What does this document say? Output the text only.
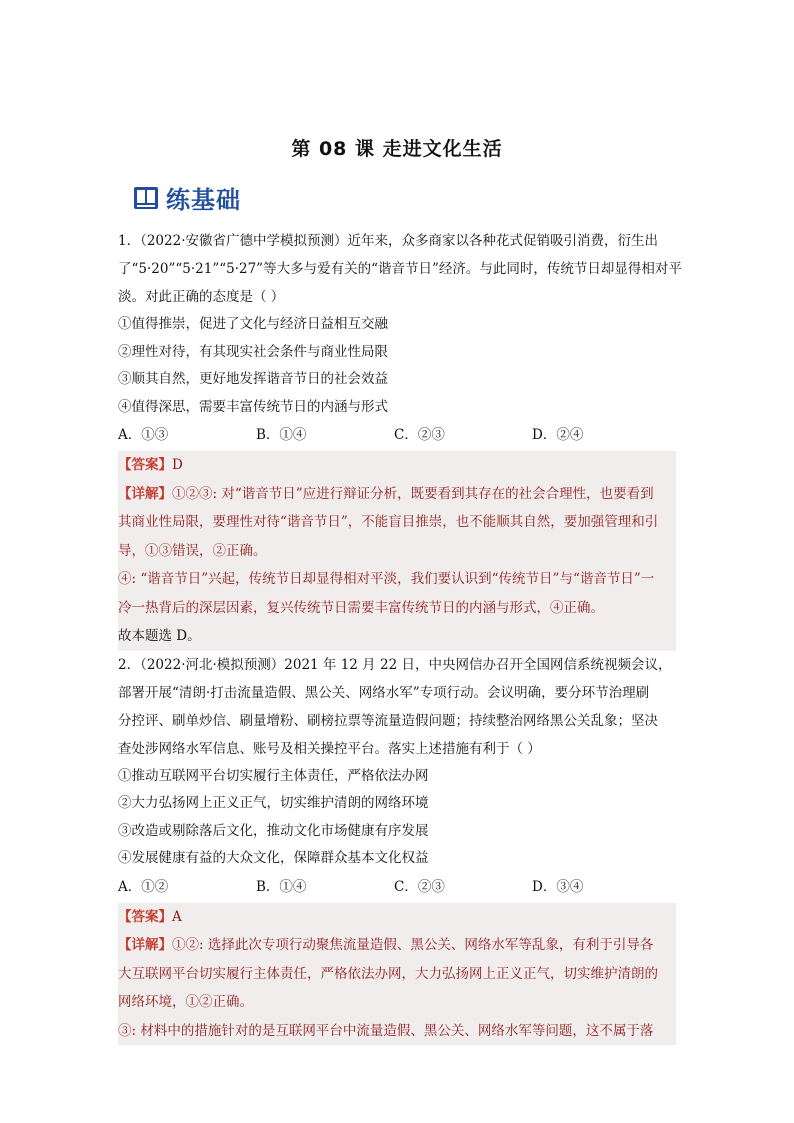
第 08 课 走进文化生活
练基础

1．（2022·安徽省广德中学模拟预测）近年来，众多商家以各种花式促销吸引消费，衍生出

了“5·20”“5·21”“5·27”等大多与爱有关的“谐音节日”经济。与此同时，传统节日却显得相对平

淡。对此正确的态度是（ ）

①值得推崇，促进了文化与经济日益相互交融

②理性对待，有其现实社会条件与商业性局限

③顺其自然，更好地发挥谐音节日的社会效益

④值得深思，需要丰富传统节日的内涵与形式

A．①③	B．①④	C．②③	D．②④

【答案】D

【详解】①②③: 对“谐音节日”应进行辩证分析，既要看到其存在的社会合理性，也要看到

其商业性局限，要理性对待“谐音节日”，不能盲目推崇，也不能顺其自然，要加强管理和引

导，①③错误，②正确。

④: “谐音节日”兴起，传统节日却显得相对平淡，我们要认识到“传统节日”与“谐音节日”一

冷一热背后的深层因素，复兴传统节日需要丰富传统节日的内涵与形式，④正确。

故本题选 D。

2．（2022·河北·模拟预测）2021 年 12 月 22 日，中央网信办召开全国网信系统视频会议，

部署开展“清朗·打击流量造假、黑公关、网络水军”专项行动。会议明确，要分环节治理刷

分控评、刷单炒信、刷量增粉、刷榜拉票等流量造假问题；持续整治网络黑公关乱象；坚决

查处涉网络水军信息、账号及相关操控平台。落实上述措施有利于（ ）

①推动互联网平台切实履行主体责任，严格依法办网

②大力弘扬网上正义正气，切实维护清朗的网络环境

③改造或剔除落后文化，推动文化市场健康有序发展

④发展健康有益的大众文化，保障群众基本文化权益

A．①②	B．①④	C．②③	D．③④

【答案】A

【详解】①②: 选择此次专项行动聚焦流量造假、黑公关、网络水军等乱象，有利于引导各

大互联网平台切实履行主体责任，严格依法办网，大力弘扬网上正义正气，切实维护清朗的

网络环境，①②正确。

③: 材料中的措施针对的是互联网平台中流量造假、黑公关、网络水军等问题，这不属于落
